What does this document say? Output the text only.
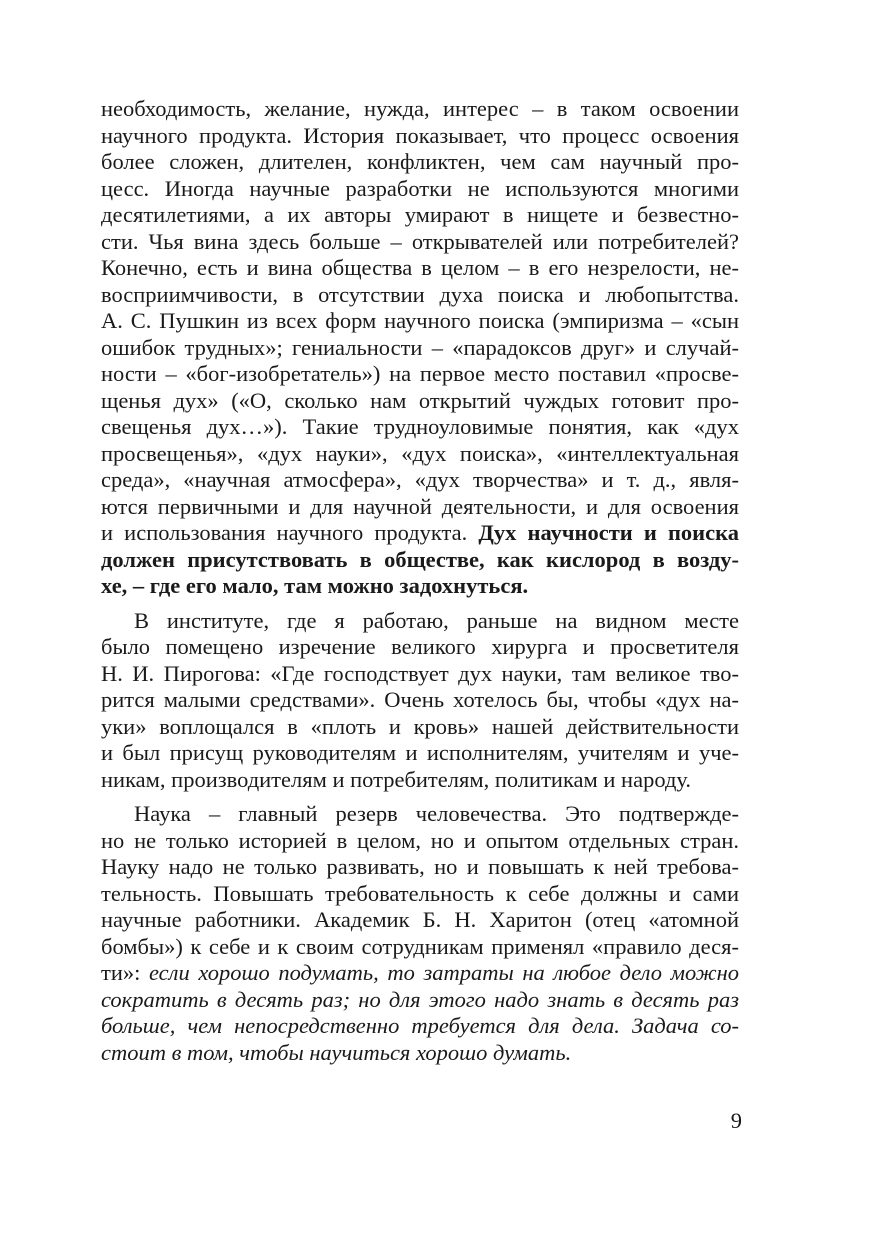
необходимость, желание, нужда, интерес – в таком освоении
научного продукта. История показывает, что процесс освоения
более сложен, длителен, конфликтен, чем сам научный про-
цесс. Иногда научные разработки не используются многими
десятилетиями, а их авторы умирают в нищете и безвестно-
сти. Чья вина здесь больше – открывателей или потребителей?
Конечно, есть и вина общества в целом – в его незрелости, не-
восприимчивости, в отсутствии духа поиска и любопытства.
А. С. Пушкин из всех форм научного поиска (эмпиризма – «сын
ошибок трудных»; гениальности – «парадоксов друг» и случай-
ности – «бог-изобретатель») на первое место поставил «просве-
щенья дух» («О, сколько нам открытий чуждых готовит про-
свещенья дух…»). Такие трудноуловимые понятия, как «дух
просвещенья», «дух науки», «дух поиска», «интеллектуальная
среда», «научная атмосфера», «дух творчества» и т. д., явля-
ются первичными и для научной деятельности, и для освоения
и использования научного продукта. Дух научности и поиска
должен присутствовать в обществе, как кислород в возду-
хе, – где его мало, там можно задохнуться.
В институте, где я работаю, раньше на видном месте
было помещено изречение великого хирурга и просветителя
Н. И. Пирогова: «Где господствует дух науки, там великое тво-
рится малыми средствами». Очень хотелось бы, чтобы «дух на-
уки» воплощался в «плоть и кровь» нашей действительности
и был присущ руководителям и исполнителям, учителям и уче-
никам, производителям и потребителям, политикам и народу.
Наука – главный резерв человечества. Это подтвержде-
но не только историей в целом, но и опытом отдельных стран.
Науку надо не только развивать, но и повышать к ней требова-
тельность. Повышать требовательность к себе должны и сами
научные работники. Академик Б. Н. Харитон (отец «атомной
бомбы») к себе и к своим сотрудникам применял «правило деся-
ти»: если хорошо подумать, то затраты на любое дело можно
сократить в десять раз; но для этого надо знать в десять раз
больше, чем непосредственно требуется для дела. Задача со-
стоит в том, чтобы научиться хорошо думать.
9
